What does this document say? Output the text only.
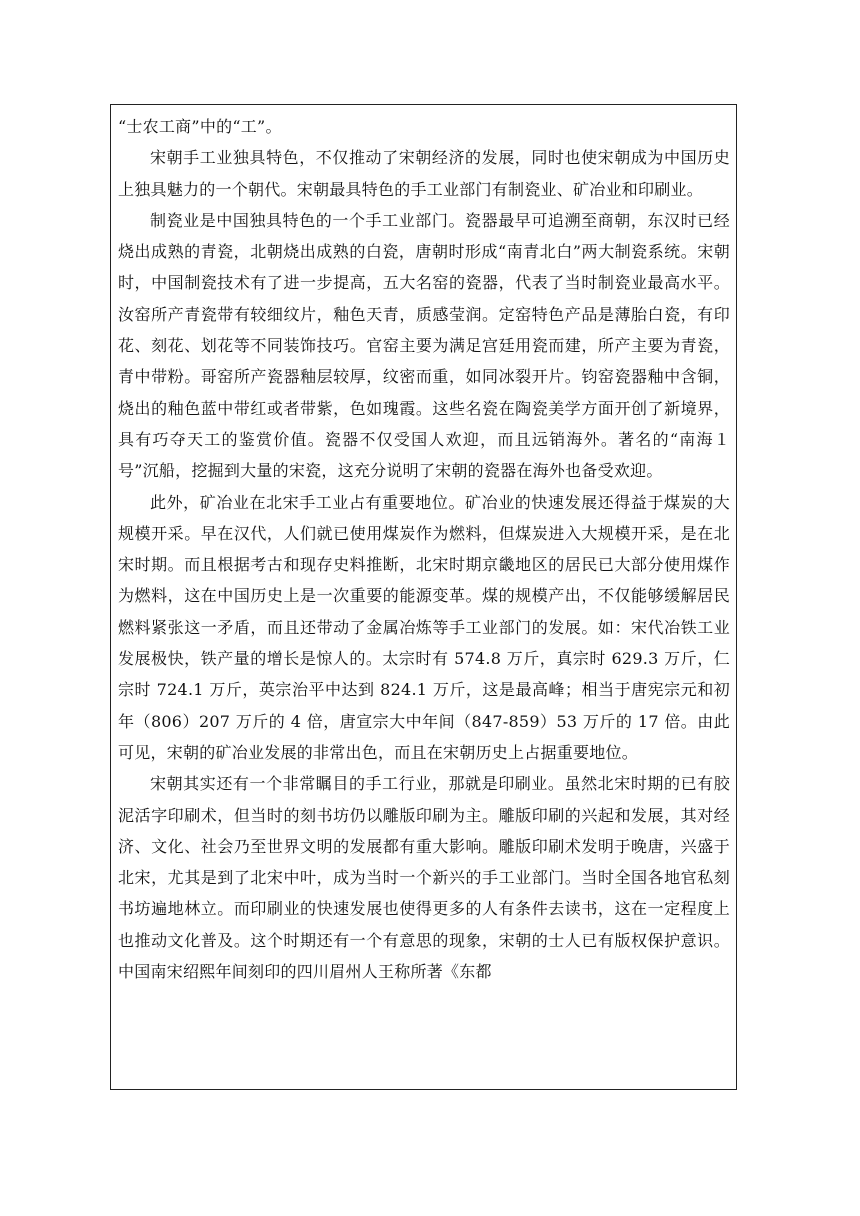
“士农工商”中的“工”。

宋朝手工业独具特色，不仅推动了宋朝经济的发展，同时也使宋朝成为中国历史上独具魅力的一个朝代。宋朝最具特色的手工业部门有制瓷业、矿冶业和印刷业。

制瓷业是中国独具特色的一个手工业部门。瓷器最早可追溯至商朝，东汉时已经烧出成熟的青瓷，北朝烧出成熟的白瓷，唐朝时形成“南青北白”两大制瓷系统。宋朝时，中国制瓷技术有了进一步提高，五大名窑的瓷器，代表了当时制瓷业最高水平。汝窑所产青瓷带有较细纹片，釉色天青，质感莹润。定窑特色产品是薄胎白瓷，有印花、刻花、划花等不同装饰技巧。官窑主要为满足宫廷用瓷而建，所产主要为青瓷，青中带粉。哥窑所产瓷器釉层较厚，纹密而重，如同冰裂开片。钧窑瓷器釉中含铜，烧出的釉色蓝中带红或者带紫，色如瑰霞。这些名瓷在陶瓷美学方面开创了新境界，具有巧夺天工的鉴赏价值。瓷器不仅受国人欢迎，而且远销海外。著名的“南海１号”沉船，挖掘到大量的宋瓷，这充分说明了宋朝的瓷器在海外也备受欢迎。

此外，矿冶业在北宋手工业占有重要地位。矿冶业的快速发展还得益于煤炭的大规模开采。早在汉代，人们就已使用煤炭作为燃料，但煤炭进入大规模开采，是在北宋时期。而且根据考古和现存史料推断，北宋时期京畿地区的居民已大部分使用煤作为燃料，这在中国历史上是一次重要的能源变革。煤的规模产出，不仅能够缓解居民燃料紧张这一矛盾，而且还带动了金属冶炼等手工业部门的发展。如：宋代冶铁工业发展极快，铁产量的增长是惊人的。太宗时有 574.8 万斤，真宗时 629.3 万斤，仁宗时 724.1 万斤，英宗治平中达到 824.1 万斤，这是最高峰；相当于唐宪宗元和初年（806）207 万斤的 4 倍，唐宣宗大中年间（847-859）53 万斤的 17 倍。由此可见，宋朝的矿冶业发展的非常出色，而且在宋朝历史上占据重要地位。

宋朝其实还有一个非常瞩目的手工行业，那就是印刷业。虽然北宋时期的已有胶泥活字印刷术，但当时的刻书坊仍以雕版印刷为主。雕版印刷的兴起和发展，其对经济、文化、社会乃至世界文明的发展都有重大影响。雕版印刷术发明于晚唐，兴盛于北宋，尤其是到了北宋中叶，成为当时一个新兴的手工业部门。当时全国各地官私刻书坊遍地林立。而印刷业的快速发展也使得更多的人有条件去读书，这在一定程度上也推动文化普及。这个时期还有一个有意思的现象，宋朝的士人已有版权保护意识。中国南宋绍熙年间刻印的四川眉州人王称所著《东都
